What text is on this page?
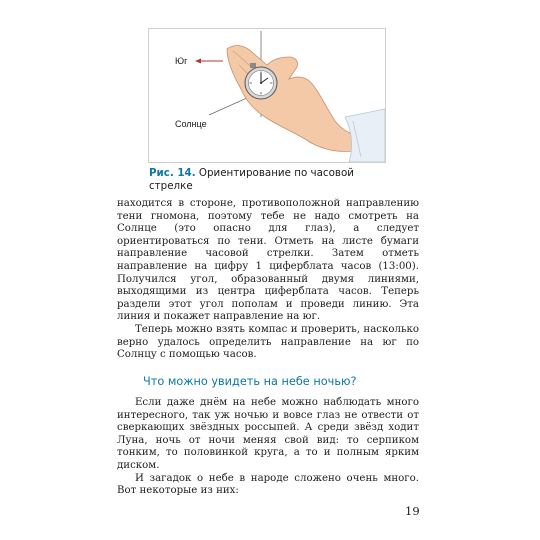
Юг
Солнце
Рис. 14. Ориентирование по часовой стрелке

находится в стороне, противоположной направлению тени гномона, поэтому тебе не надо смотреть на Солнце (это опасно для глаз), а следует ориентироваться по тени. Отметь на листе бумаги направление часовой стрелки. Затем отметь направление на цифру 1 циферблата часов (13:00). Получился угол, образованный двумя линиями, выходящими из центра циферблата часов. Теперь раздели этот угол пополам и проведи линию. Эта линия и покажет направление на юг.

Теперь можно взять компас и проверить, насколько верно удалось определить направление на юг по Солнцу с помощью часов.

Что можно увидеть на небе ночью?

Если даже днём на небе можно наблюдать много интересного, так уж ночью и вовсе глаз не отвести от сверкающих звёздных россыпей. А среди звёзд ходит Луна, ночь от ночи меняя свой вид: то серпиком тонким, то половинкой круга, а то и полным ярким диском.

И загадок о небе в народе сложено очень много. Вот некоторые из них:

19
